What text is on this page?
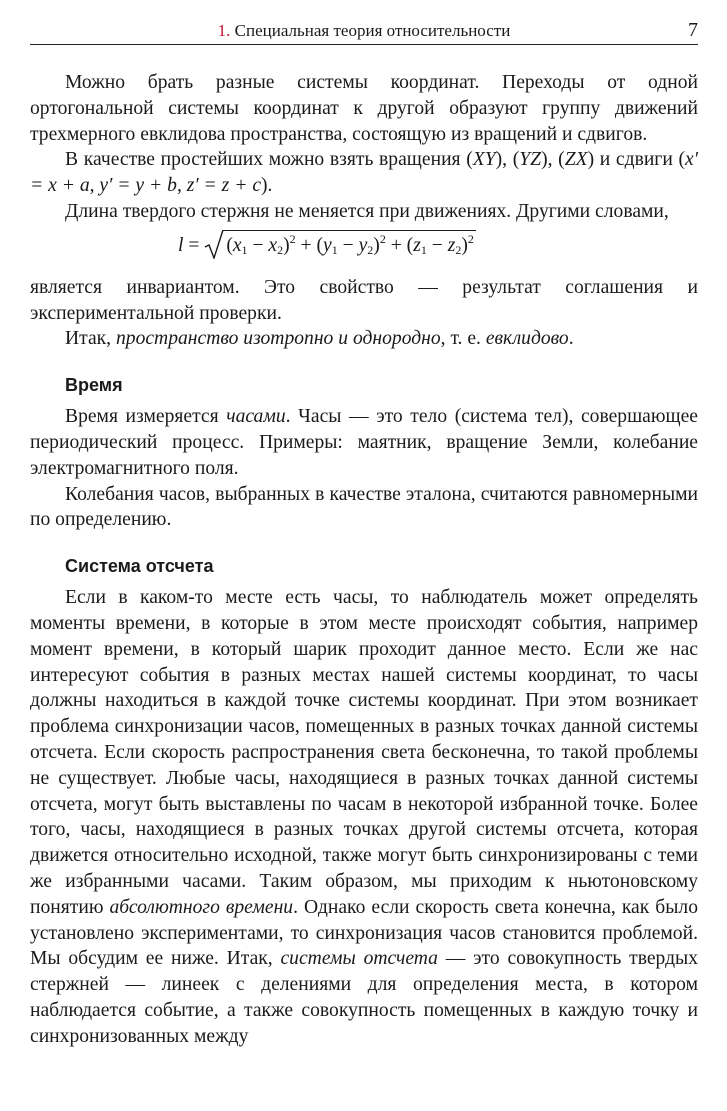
1. Специальная теория относительности	7

Можно брать разные системы координат. Переходы от одной ортогональной системы координат к другой образуют группу движений трехмерного евклидова пространства, состоящую из вращений и сдвигов.

В качестве простейших можно взять вращения (XY), (YZ), (ZX) и сдвиги (x′ = x + a, y′ = y + b, z′ = z + c).

Длина твердого стержня не меняется при движениях. Другими словами,

$l = (x_1 - x_2)^2 + (y_1 - y_2)^2 + (z_1 - z_2)^2$

является инвариантом. Это свойство — результат соглашения и экспериментальной проверки.

Итак, пространство изотропно и однородно, т. е. евклидово.

Время

Время измеряется часами. Часы — это тело (система тел), совершающее периодический процесс. Примеры: маятник, вращение Земли, колебание электромагнитного поля.

Колебания часов, выбранных в качестве эталона, считаются равномерными по определению.

Система отсчета

Если в каком-то месте есть часы, то наблюдатель может определять моменты времени, в которые в этом месте происходят события, например момент времени, в который шарик проходит данное место. Если же нас интересуют события в разных местах нашей системы координат, то часы должны находиться в каждой точке системы координат. При этом возникает проблема синхронизации часов, помещенных в разных точках данной системы отсчета. Если скорость распространения света бесконечна, то такой проблемы не существует. Любые часы, находящиеся в разных точках данной системы отсчета, могут быть выставлены по часам в некоторой избранной точке. Более того, часы, находящиеся в разных точках другой системы отсчета, которая движется относительно исходной, также могут быть синхронизированы с теми же избранными часами. Таким образом, мы приходим к ньютоновскому понятию абсолютного времени. Однако если скорость света конечна, как было установлено экспериментами, то синхронизация часов становится проблемой. Мы обсудим ее ниже. Итак, системы отсчета — это совокупность твердых стержней — линеек с делениями для определения места, в котором наблюдается событие, а также совокупность помещенных в каждую точку и синхронизованных между
